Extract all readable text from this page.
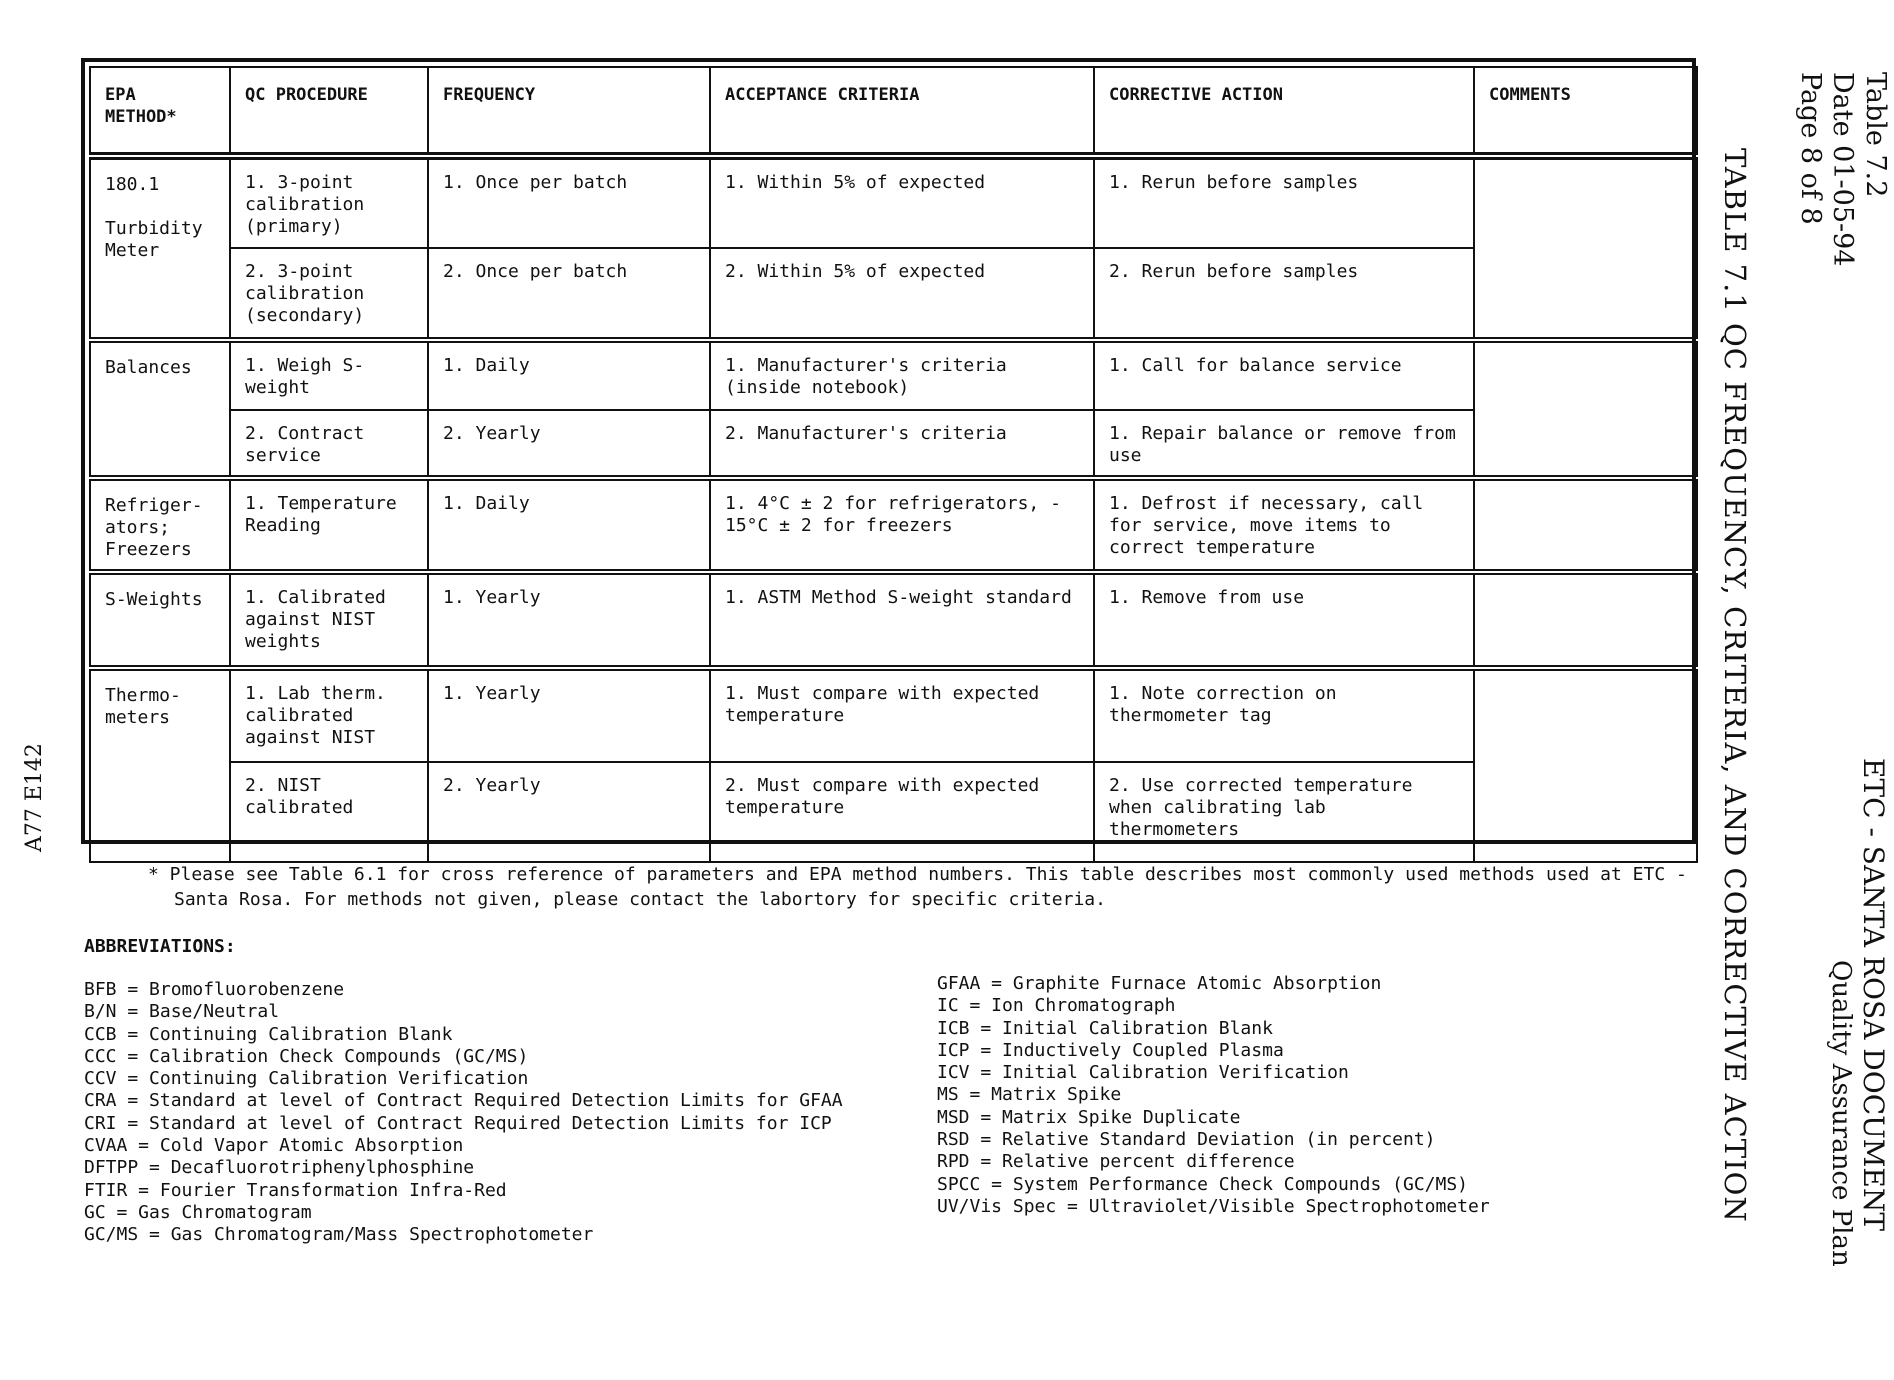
EPA
METHOD*	QC PROCEDURE	FREQUENCY	ACCEPTANCE CRITERIA	CORRECTIVE ACTION	COMMENTS
180.1

Turbidity
Meter	1. 3-point
calibration
(primary)	1. Once per batch	1. Within 5% of expected	1. Rerun before samples	
	2. 3-point
calibration
(secondary)	2. Once per batch	2. Within 5% of expected	2. Rerun before samples	
Balances	1. Weigh S-
weight	1. Daily	1. Manufacturer's criteria
(inside notebook)	1. Call for balance service	
	2. Contract
service	2. Yearly	2. Manufacturer's criteria	1. Repair balance or remove from
use	
Refriger-
ators;
Freezers	1. Temperature
Reading	1. Daily	1. 4°C ± 2 for refrigerators, -
15°C ± 2 for freezers	1. Defrost if necessary, call
for service, move items to
correct temperature	
S-Weights	1. Calibrated
against NIST
weights	1. Yearly	1. ASTM Method S-weight standard	1. Remove from use	
Thermo-
meters	1. Lab therm.
calibrated
against NIST	1. Yearly	1. Must compare with expected
temperature	1. Note correction on
thermometer tag	
	2. NIST
calibrated	2. Yearly	2. Must compare with expected
temperature	2. Use corrected temperature
when calibrating lab
thermometers	
* Please see Table 6.1 for cross reference of parameters and EPA method numbers. This table describes most commonly used methods used at ETC -
Santa Rosa. For methods not given, please contact the labortory for specific criteria.
ABBREVIATIONS:
BFB = Bromofluorobenzene
B/N = Base/Neutral
CCB = Continuing Calibration Blank
CCC = Calibration Check Compounds (GC/MS)
CCV = Continuing Calibration Verification
CRA = Standard at level of Contract Required Detection Limits for GFAA
CRI = Standard at level of Contract Required Detection Limits for ICP
CVAA = Cold Vapor Atomic Absorption
DFTPP = Decafluorotriphenylphosphine
FTIR = Fourier Transformation Infra-Red
GC = Gas Chromatogram
GC/MS = Gas Chromatogram/Mass Spectrophotometer
GFAA = Graphite Furnace Atomic Absorption
IC = Ion Chromatograph
ICB = Initial Calibration Blank
ICP = Inductively Coupled Plasma
ICV = Initial Calibration Verification
MS = Matrix Spike
MSD = Matrix Spike Duplicate
RSD = Relative Standard Deviation (in percent)
RPD = Relative percent difference
SPCC = System Performance Check Compounds (GC/MS)
UV/Vis Spec = Ultraviolet/Visible Spectrophotometer
Table 7.2
Date 01-05-94
Page 8 of 8
TABLE 7.1 QC FREQUENCY, CRITERIA, AND CORRECTIVE ACTION	ETC - SANTA ROSA DOCUMENT
Quality Assurance Plan
A77 E142
